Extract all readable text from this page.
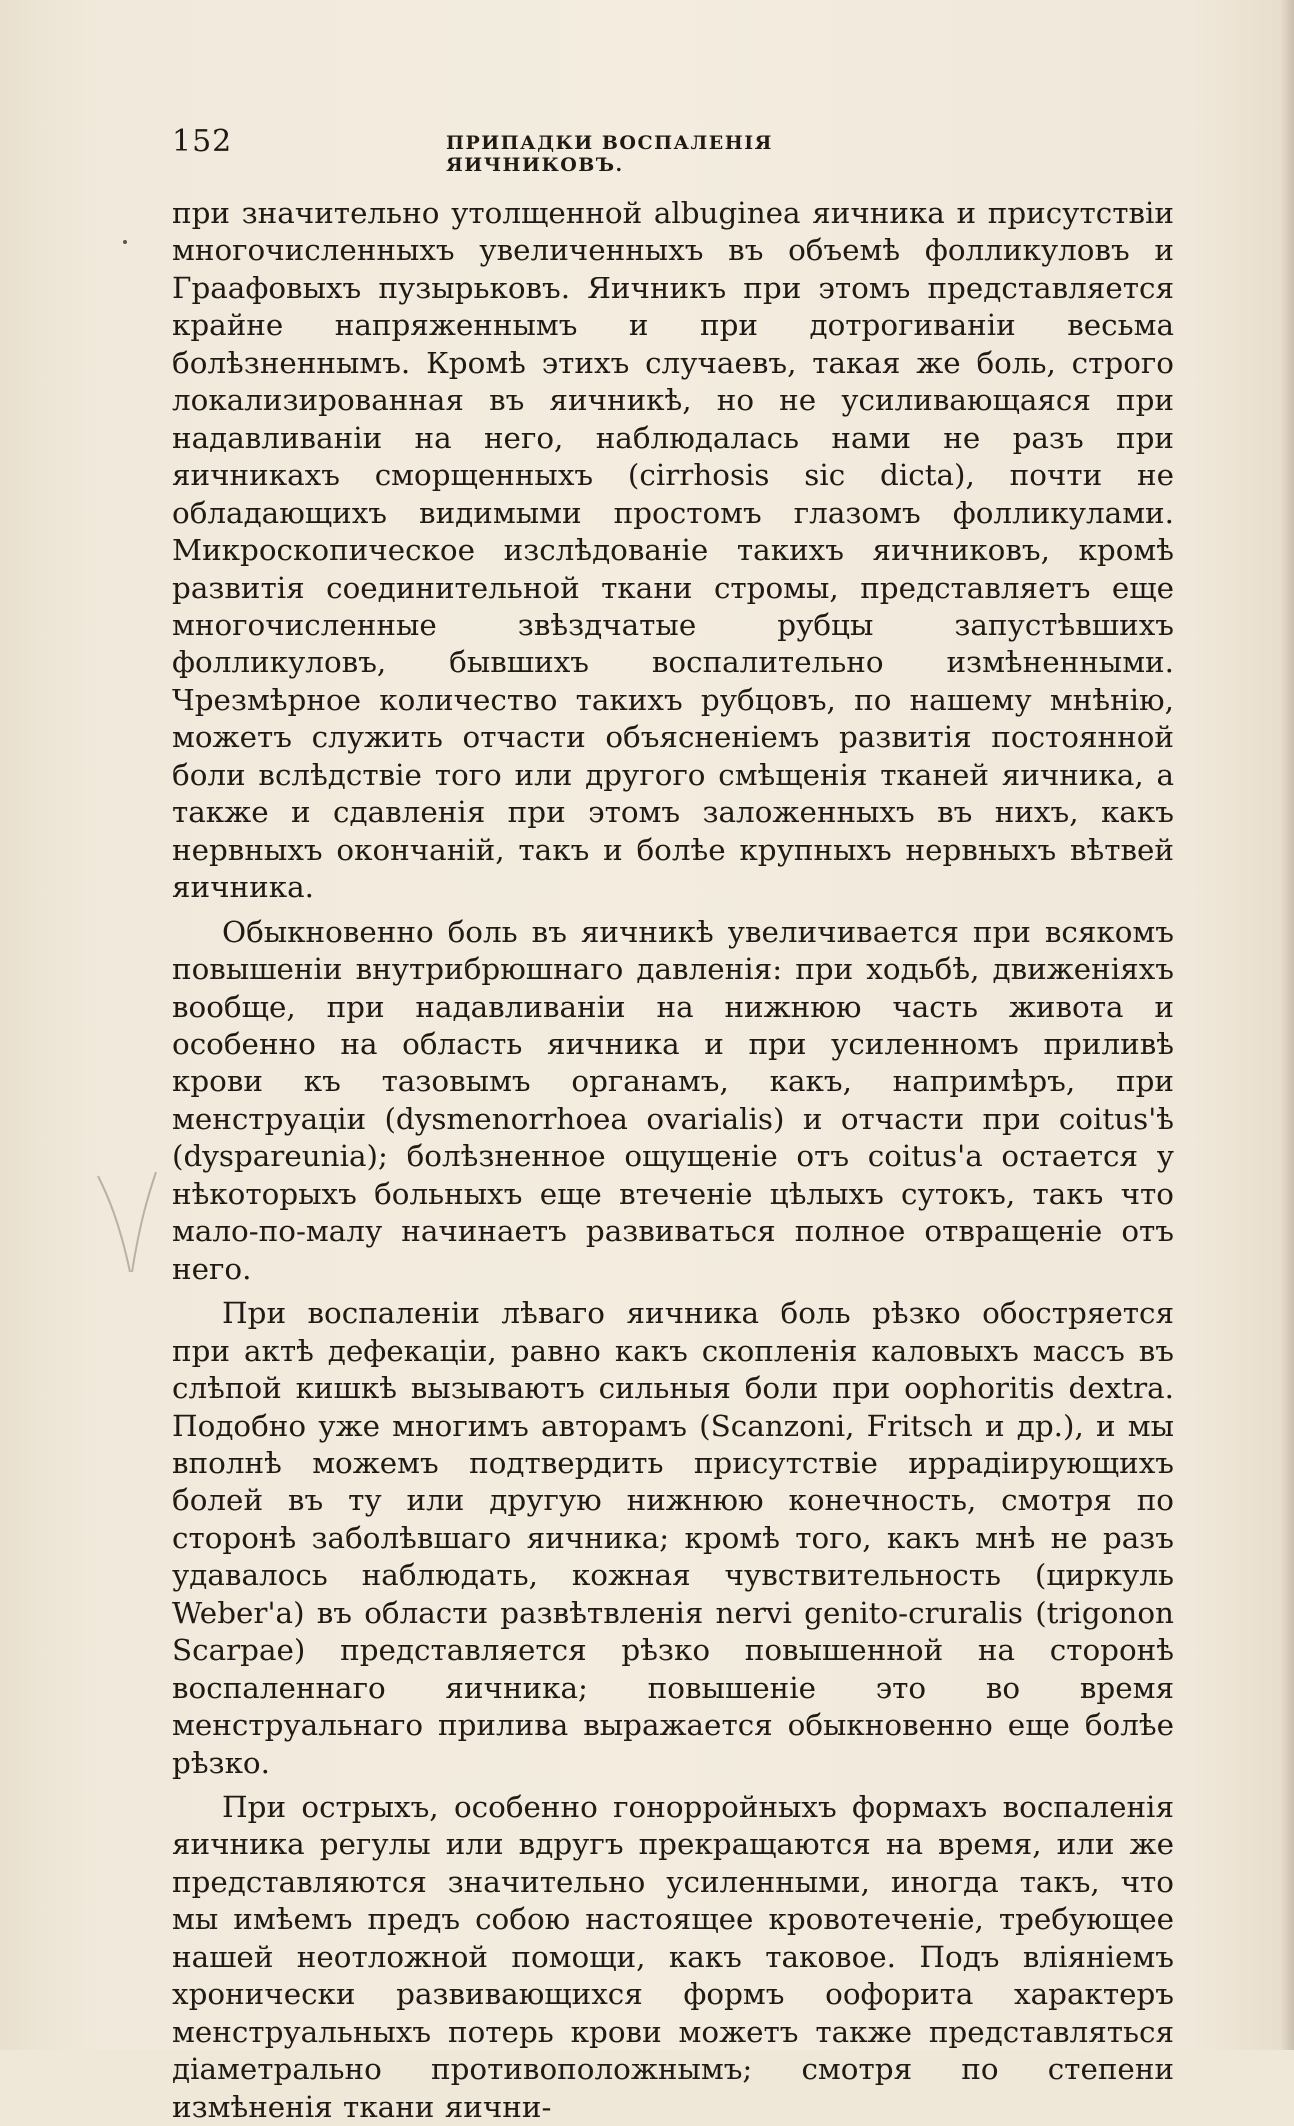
152	ПРИПАДКИ ВОСПАЛЕНІЯ ЯИЧНИКОВЪ.

при значительно утолщенной albugіnea яичника и присутствіи многочисленныхъ увеличенныхъ въ объемѣ фолликуловъ и Граафовыхъ пузырьковъ. Яичникъ при этомъ представляется крайне напряженнымъ и при дотрогиваніи весьма болѣзненнымъ. Кромѣ этихъ случаевъ, такая же боль, строго локализированная въ яичникѣ, но не усиливающаяся при надавливаніи на него, наблюдалась нами не разъ при яичникахъ сморщенныхъ (cirrhosis sic dicta), почти не обладающихъ видимыми простомъ глазомъ фолликулами. Микроскопическое изслѣдованіе такихъ яичниковъ, кромѣ развитія соединительной ткани стромы, представляетъ еще многочисленные звѣздчатые рубцы запустѣвшихъ фолликуловъ, бывшихъ воспалительно измѣненными. Чрезмѣрное количество такихъ рубцовъ, по нашему мнѣнію, можетъ служить отчасти объясненіемъ развитія постоянной боли вслѣдствіе того или другого смѣщенія тканей яичника, а также и сдавленія при этомъ заложенныхъ въ нихъ, какъ нервныхъ окончаній, такъ и болѣе крупныхъ нервныхъ вѣтвей яичника.

Обыкновенно боль въ яичникѣ увеличивается при всякомъ повышеніи внутрибрюшнаго давленія: при ходьбѣ, движеніяхъ вообще, при надавливаніи на нижнюю часть живота и особенно на область яичника и при усиленномъ приливѣ крови къ тазовымъ органамъ, какъ, напримѣръ, при менструаціи (dysmenorrhoea ovarialis) и отчасти при coitus'ѣ (dyspareunia); болѣзненное ощущеніе отъ coitus'а остается у нѣкоторыхъ больныхъ еще втеченіе цѣлыхъ сутокъ, такъ что мало-по-малу начинаетъ развиваться полное отвращеніе отъ него.

При воспаленіи лѣваго яичника боль рѣзко обостряется при актѣ дефекаціи, равно какъ скопленія каловыхъ массъ въ слѣпой кишкѣ вызываютъ сильныя боли при oophoritis dextra. Подобно уже многимъ авторамъ (Scanzoni, Fritsch и др.), и мы вполнѣ можемъ подтвердить присутствіе иррадіирующихъ болей въ ту или другую нижнюю конечность, смотря по сторонѣ заболѣвшаго яичника; кромѣ того, какъ мнѣ не разъ удавалось наблюдать, кожная чувствительность (циркуль Weber'а) въ области развѣтвленія nervi genito-cruralis (trigonon Scarpae) представляется рѣзко повышенной на сторонѣ воспаленнаго яичника; повышеніе это во время менструальнаго прилива выражается обыкновенно еще болѣе рѣзко.

При острыхъ, особенно гонорройныхъ формахъ воспаленія яичника регулы или вдругъ прекращаются на время, или же представляются значительно усиленными, иногда такъ, что мы имѣемъ предъ собою настоящее кровотеченіе, требующее нашей неотложной помощи, какъ таковое. Подъ вліяніемъ хронически развивающихся формъ оофорита характеръ менструальныхъ потерь крови можетъ также представляться діаметрально противоположнымъ; смотря по степени измѣненія ткани яични-
